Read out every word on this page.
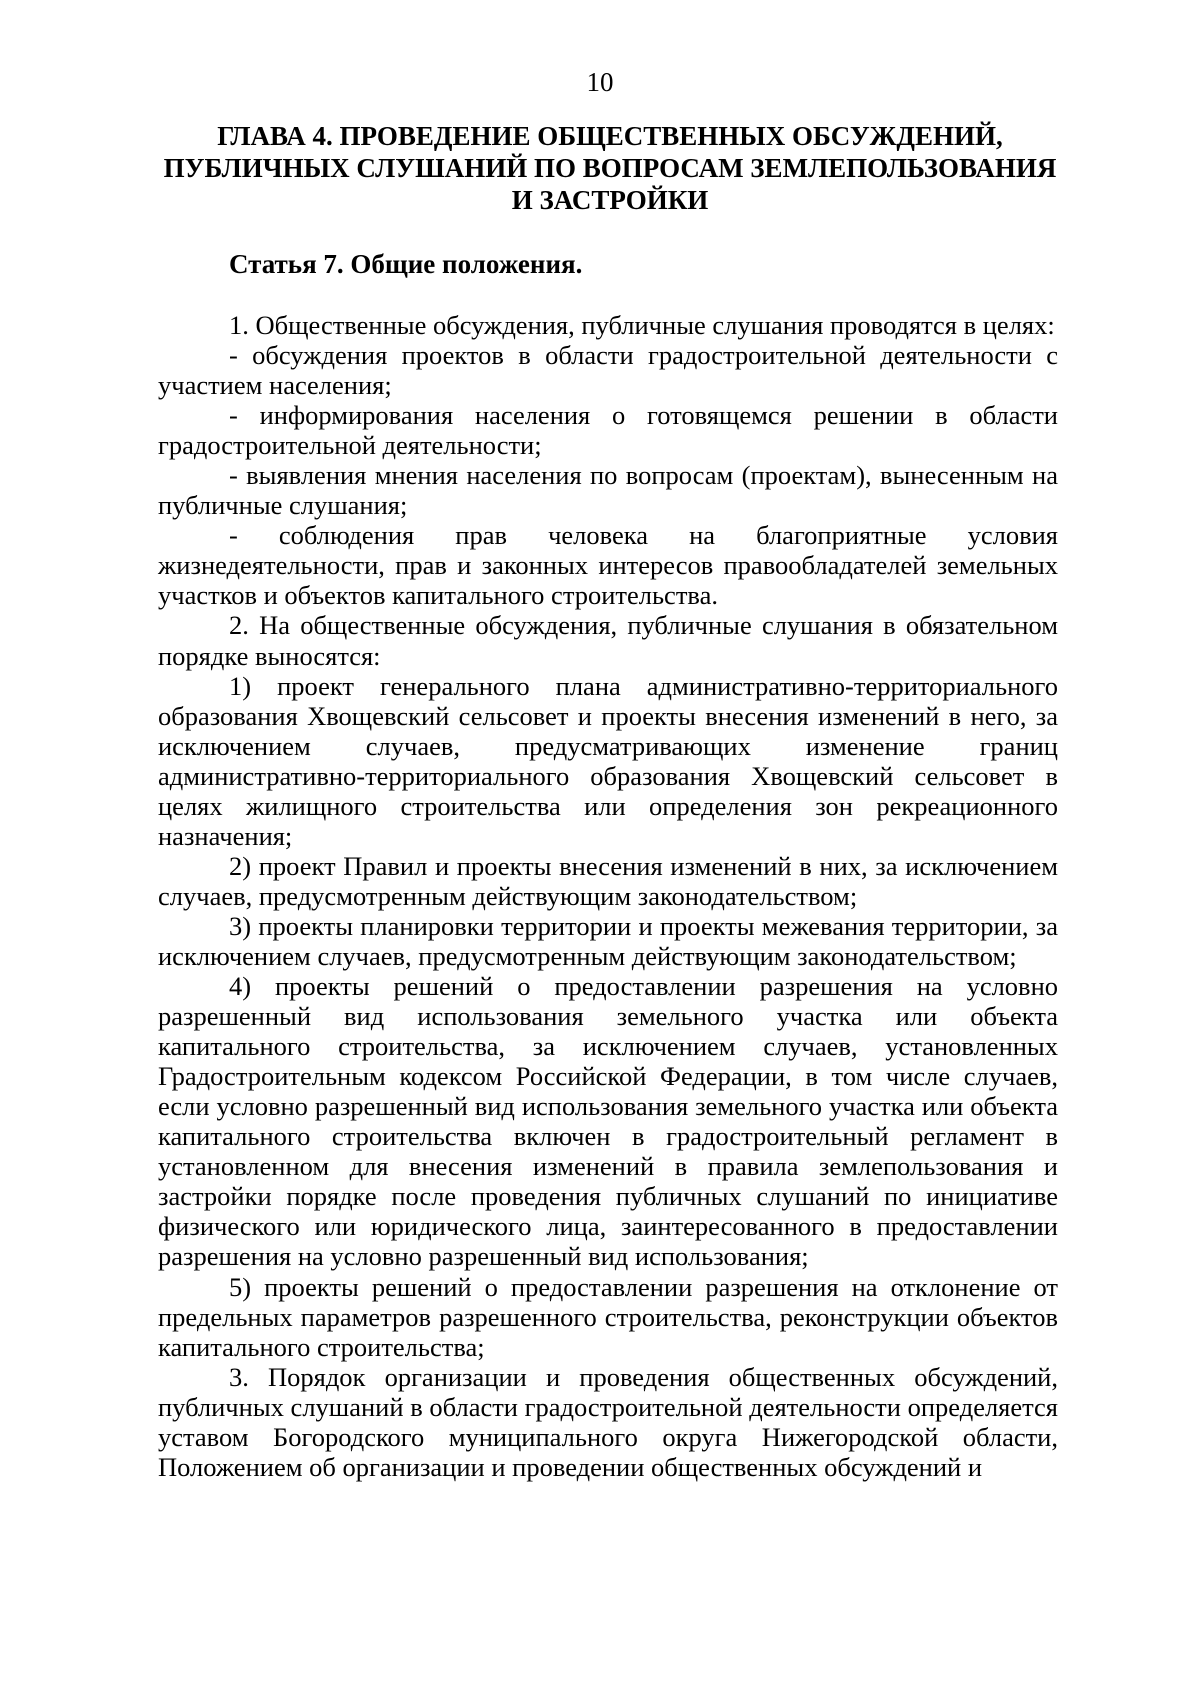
10
ГЛАВА 4. ПРОВЕДЕНИЕ ОБЩЕСТВЕННЫХ ОБСУЖДЕНИЙ, ПУБЛИЧНЫХ СЛУШАНИЙ ПО ВОПРОСАМ ЗЕМЛЕПОЛЬЗОВАНИЯ И ЗАСТРОЙКИ
Статья 7. Общие положения.

1. Общественные обсуждения, публичные слушания проводятся в целях:

- обсуждения проектов в области градостроительной деятельности с участием населения;

- информирования населения о готовящемся решении в области градостроительной деятельности;

- выявления мнения населения по вопросам (проектам), вынесенным на публичные слушания;

- соблюдения прав человека на благоприятные условия жизнедеятельности, прав и законных интересов правообладателей земельных участков и объектов капитального строительства.

2. На общественные обсуждения, публичные слушания в обязательном порядке выносятся:

1) проект генерального плана административно-территориального образования Хвощевский сельсовет и проекты внесения изменений в него, за исключением случаев, предусматривающих изменение границ административно-территориального образования Хвощевский сельсовет в целях жилищного строительства или определения зон рекреационного назначения;

2) проект Правил и проекты внесения изменений в них, за исключением случаев, предусмотренным действующим законодательством;

3) проекты планировки территории и проекты межевания территории, за исключением случаев, предусмотренным действующим законодательством;

4) проекты решений о предоставлении разрешения на условно разрешенный вид использования земельного участка или объекта капитального строительства, за исключением случаев, установленных Градостроительным кодексом Российской Федерации, в том числе случаев, если условно разрешенный вид использования земельного участка или объекта капитального строительства включен в градостроительный регламент в установленном для внесения изменений в правила землепользования и застройки порядке после проведения публичных слушаний по инициативе физического или юридического лица, заинтересованного в предоставлении разрешения на условно разрешенный вид использования;

5) проекты решений о предоставлении разрешения на отклонение от предельных параметров разрешенного строительства, реконструкции объектов капитального строительства;

3. Порядок организации и проведения общественных обсуждений, публичных слушаний в области градостроительной деятельности определяется уставом Богородского муниципального округа Нижегородской области, Положением об организации и проведении общественных обсуждений и
